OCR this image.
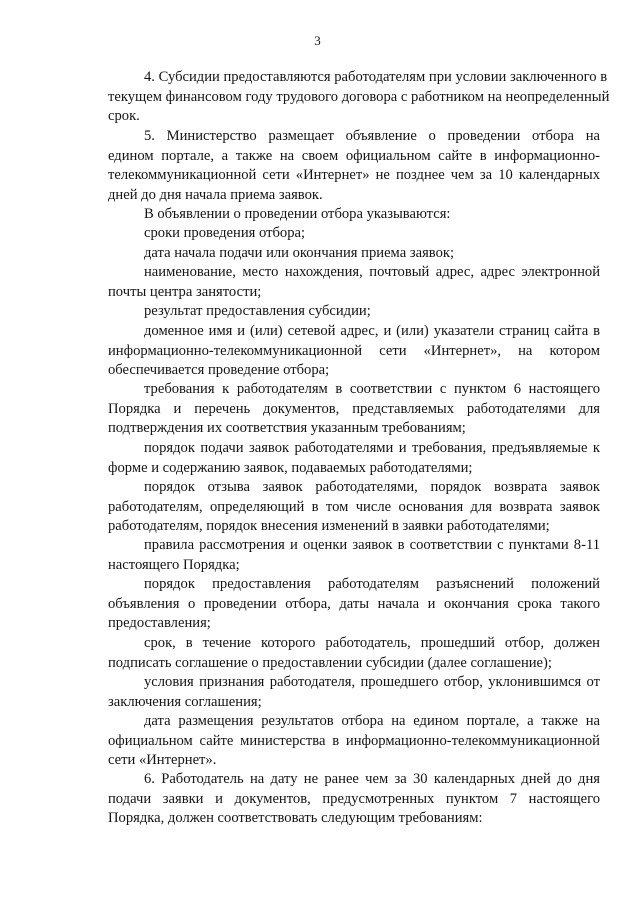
3
4. Субсидии предоставляются работодателям при условии заключенного в
текущем финансовом году трудового договора с работником на неопределенный
срок.
5. Министерство размещает объявление о проведении отбора на
едином портале, а также на своем официальном сайте в информационно-
телекоммуникационной сети «Интернет» не позднее чем за 10 календарных
дней до дня начала приема заявок.
В объявлении о проведении отбора указываются:
сроки проведения отбора;
дата начала подачи или окончания приема заявок;
наименование, место нахождения, почтовый адрес, адрес электронной
почты центра занятости;
результат предоставления субсидии;
доменное имя и (или) сетевой адрес, и (или) указатели страниц сайта в
информационно-телекоммуникационной сети «Интернет», на котором
обеспечивается проведение отбора;
требования к работодателям в соответствии с пунктом 6 настоящего
Порядка и перечень документов, представляемых работодателями для
подтверждения их соответствия указанным требованиям;
порядок подачи заявок работодателями и требования, предъявляемые к
форме и содержанию заявок, подаваемых работодателями;
порядок отзыва заявок работодателями, порядок возврата заявок
работодателям, определяющий в том числе основания для возврата заявок
работодателям, порядок внесения изменений в заявки работодателями;
правила рассмотрения и оценки заявок в соответствии с пунктами 8-11
настоящего Порядка;
порядок предоставления работодателям разъяснений положений
объявления о проведении отбора, даты начала и окончания срока такого
предоставления;
срок, в течение которого работодатель, прошедший отбор, должен
подписать соглашение о предоставлении субсидии (далее соглашение);
условия признания работодателя, прошедшего отбор, уклонившимся от
заключения соглашения;
дата размещения результатов отбора на едином портале, а также на
официальном сайте министерства в информационно-телекоммуникационной
сети «Интернет».
6. Работодатель на дату не ранее чем за 30 календарных дней до дня
подачи заявки и документов, предусмотренных пунктом 7 настоящего
Порядка, должен соответствовать следующим требованиям:
